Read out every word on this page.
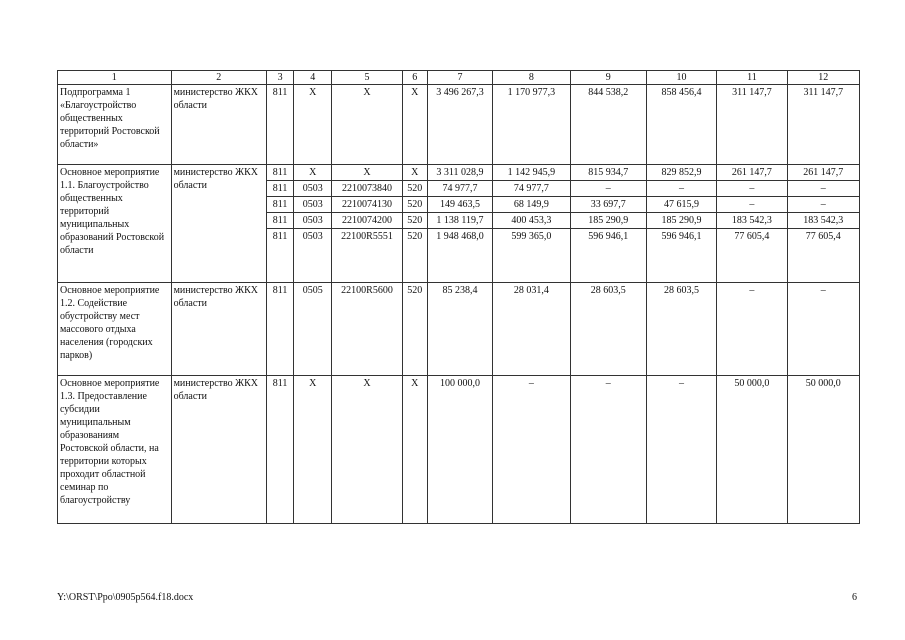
1	2	3	4	5	6	7	8	9	10	11	12
Подпрограмма 1 «Благоустройство общественных территорий Ростовской области»	министерство ЖКХ области	811	Х	Х	Х	3 496 267,3	1 170 977,3	844 538,2	858 456,4	311 147,7	311 147,7
Основное мероприятие 1.1. Благоустройство общественных территорий муниципальных образований Ростовской области	министерство ЖКХ области	811	Х	Х	Х	3 311 028,9	1 142 945,9	815 934,7	829 852,9	261 147,7	261 147,7
		811	0503	2210073840	520	74 977,7	74 977,7	–	–	–	–
		811	0503	2210074130	520	149 463,5	68 149,9	33 697,7	47 615,9	–	–
		811	0503	2210074200	520	1 138 119,7	400 453,3	185 290,9	185 290,9	183 542,3	183 542,3
		811	0503	22100R5551	520	1 948 468,0	599 365,0	596 946,1	596 946,1	77 605,4	77 605,4
Основное мероприятие 1.2. Содействие обустройству мест массового отдыха населения (городских парков)	министерство ЖКХ области	811	0505	22100R5600	520	85 238,4	28 031,4	28 603,5	28 603,5	–	–
Основное мероприятие 1.3. Предоставление субсидии муниципальным образованиям Ростовской области, на территории которых проходит областной семинар по благоустройству	министерство ЖКХ области	811	Х	Х	Х	100 000,0	–	–	–	50 000,0	50 000,0
Y:\ORST\Ppo\0905p564.f18.docx	6
